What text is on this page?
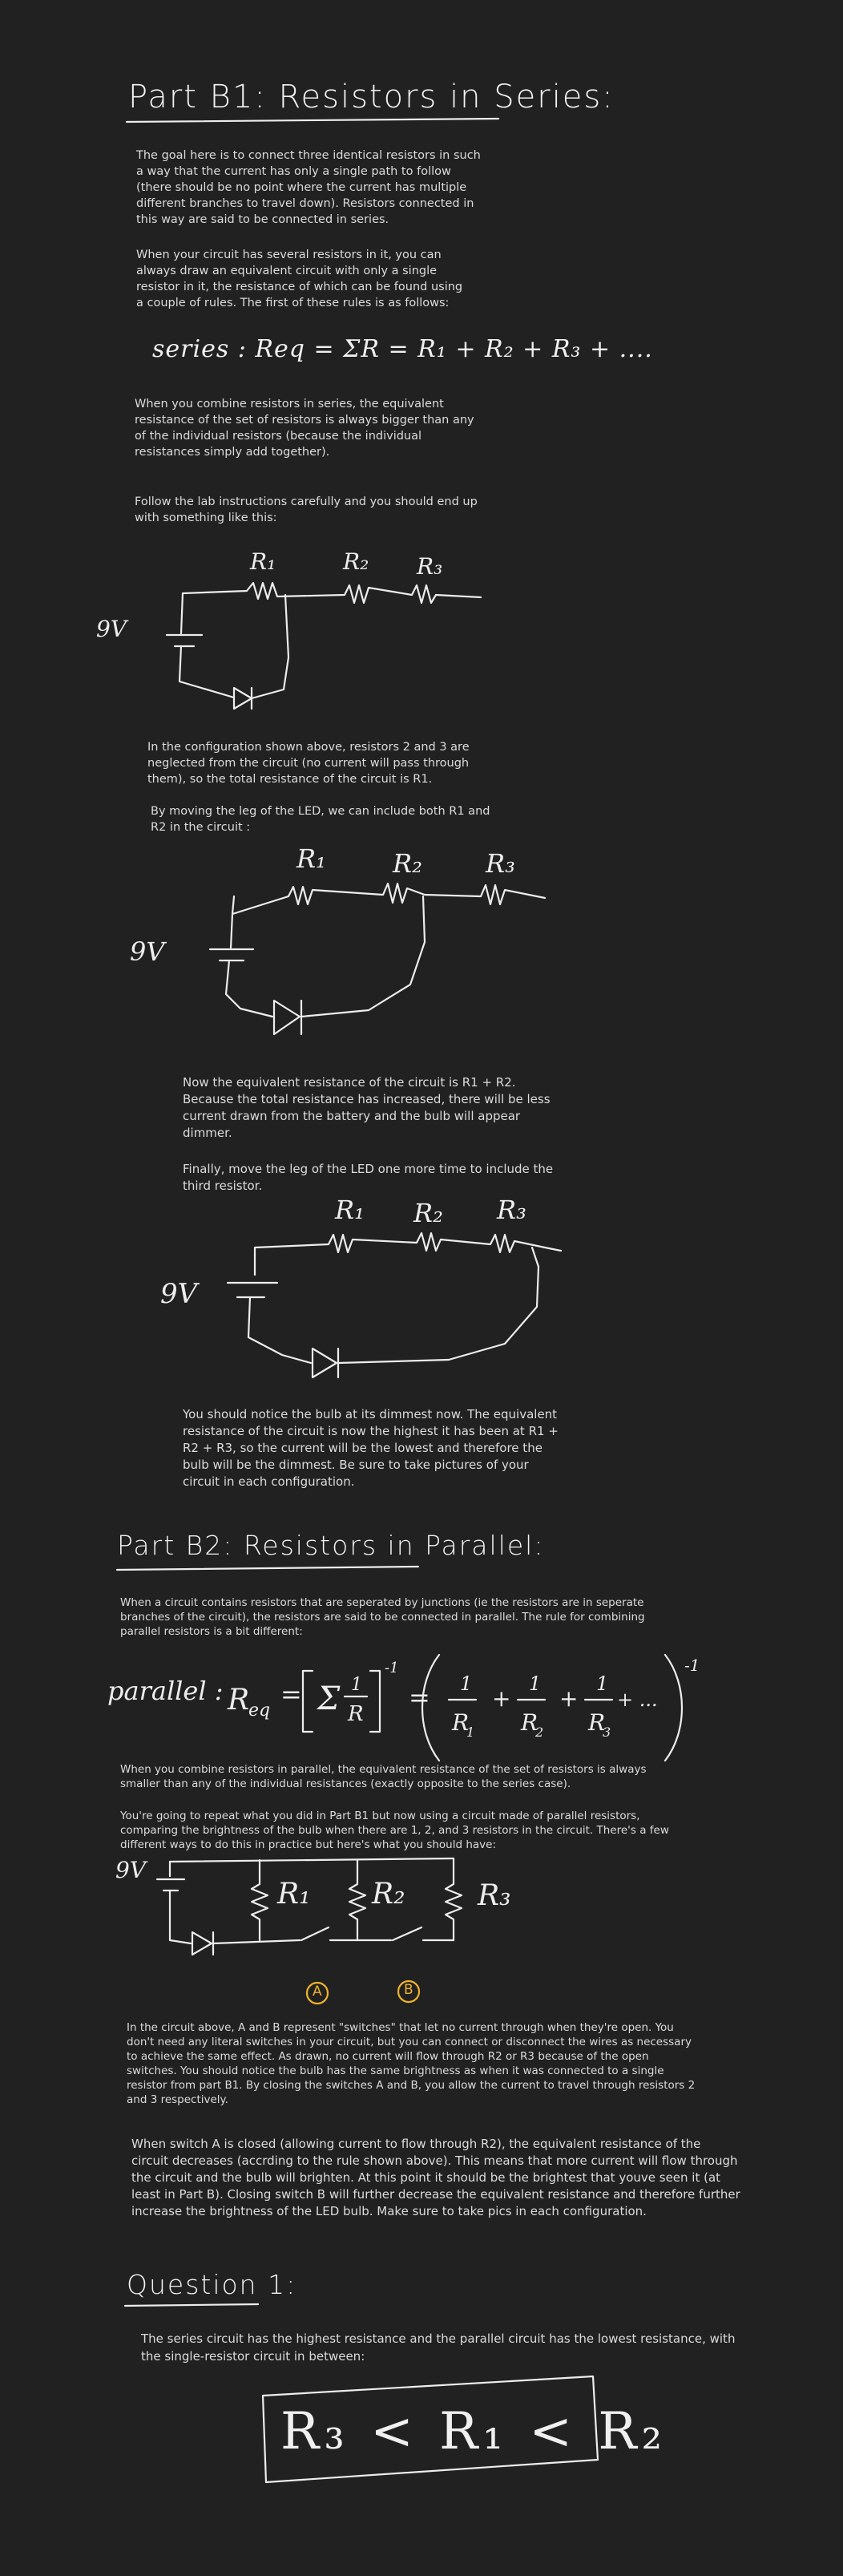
Part B1: Resistors in Series:

The goal here is to connect three identical resistors in such a way that the current has only a single path to follow (there should be no point where the current has multiple different branches to travel down). Resistors connected in this way are said to be connected in series.

When your circuit has several resistors in it, you can always draw an equivalent circuit with only a single resistor in it, the resistance of which can be found using a couple of rules. The first of these rules is as follows:

series : Req = ΣR = R₁ + R₂ + R₃ + ....

When you combine resistors in series, the equivalent resistance of the set of resistors is always bigger than any of the individual resistors (because the individual resistances simply add together).

Follow the lab instructions carefully and you should end up with something like this:

9V
R₁	R₂ R₃

In the configuration shown above, resistors 2 and 3 are neglected from the circuit (no current will pass through them), so the total resistance of the circuit is R1.

By moving the leg of the LED, we can include both R1 and R2 in the circuit :

9V
R₁	R₂ R₃

Now the equivalent resistance of the circuit is R1 + R2. Because the total resistance has increased, there will be less current drawn from the battery and the bulb will appear dimmer.

Finally, move the leg of the LED one more time to include the third resistor.

9V
R₁ R₂ R₃

You should notice the bulb at its dimmest now. The equivalent resistance of the circuit is now the highest it has been at R1 + R2 + R3, so the current will be the lowest and therefore the bulb will be the dimmest. Be sure to take pictures of your circuit in each configuration.

Part B2: Resistors in Parallel:

When a circuit contains resistors that are seperated by junctions (ie the resistors are in seperate branches of the circuit), the resistors are said to be connected in parallel. The rule for combining parallel resistors is a bit different:

parallel : R
eq
= Σ 1
R
-1
= 1
R
1
+
1
R
2
+
1
R
3
+ ...
-1

When you combine resistors in parallel, the equivalent resistance of the set of resistors is always smaller than any of the individual resistances (exactly opposite to the series case).

You're going to repeat what you did in Part B1 but now using a circuit made of parallel resistors, comparing the brightness of the bulb when there are 1, 2, and 3 resistors in the circuit. There's a few different ways to do this in practice but here's what you should have:

9V
R₁ R₂	R₃
A	B

In the circuit above, A and B represent "switches" that let no current through when they're open. You don't need any literal switches in your circuit, but you can connect or disconnect the wires as necessary to achieve the same effect. As drawn, no current will flow through R2 or R3 because of the open switches. You should notice the bulb has the same brightness as when it was connected to a single resistor from part B1. By closing the switches A and B, you allow the current to travel through resistors 2 and 3 respectively.

When switch A is closed (allowing current to flow through R2), the equivalent resistance of the circuit decreases (accrding to the rule shown above). This means that more current will flow through the circuit and the bulb will brighten. At this point it should be the brightest that youve seen it (at least in Part B). Closing switch B will further decrease the equivalent resistance and therefore further increase the brightness of the LED bulb. Make sure to take pics in each configuration.

Question 1:

The series circuit has the highest resistance and the parallel circuit has the lowest resistance, with the single-resistor circuit in between:

R₃ < R₁ < R₂
